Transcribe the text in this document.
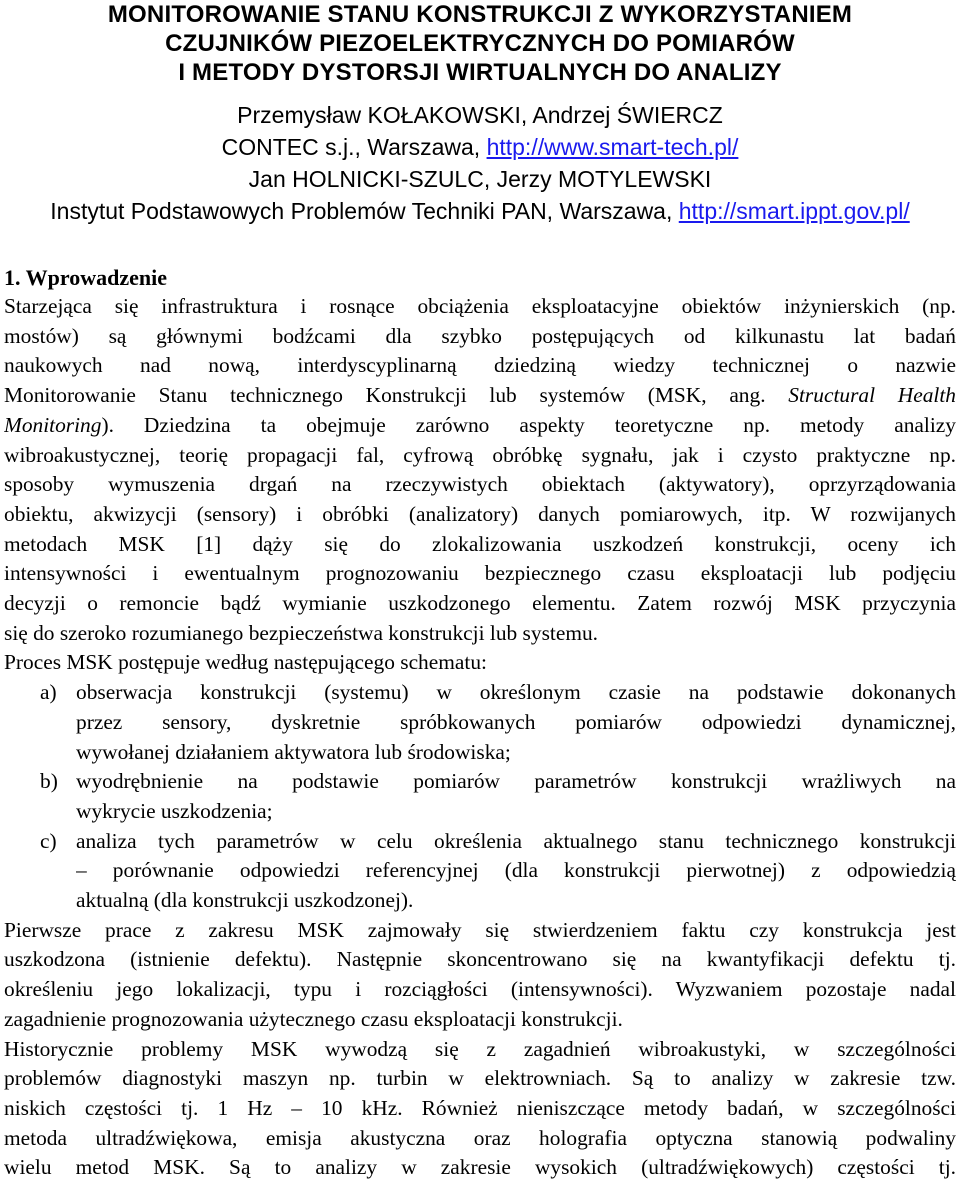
MONITOROWANIE STANU KONSTRUKCJI Z WYKORZYSTANIEM
CZUJNIKÓW PIEZOELEKTRYCZNYCH DO POMIARÓW
I METODY DYSTORSJI WIRTUALNYCH DO ANALIZY
Przemysław KOŁAKOWSKI, Andrzej ŚWIERCZ
CONTEC s.j., Warszawa, http://www.smart-tech.pl/
Jan HOLNICKI-SZULC, Jerzy MOTYLEWSKI
Instytut Podstawowych Problemów Techniki PAN, Warszawa, http://smart.ippt.gov.pl/
1. Wprowadzenie
Starzejąca się infrastruktura i rosnące obciążenia eksploatacyjne obiektów inżynierskich (np.
mostów) są głównymi bodźcami dla szybko postępujących od kilkunastu lat badań
naukowych nad nową, interdyscyplinarną dziedziną wiedzy technicznej o nazwie
Monitorowanie Stanu technicznego Konstrukcji lub systemów (MSK, ang. Structural Health
Monitoring). Dziedzina ta obejmuje zarówno aspekty teoretyczne np. metody analizy
wibroakustycznej, teorię propagacji fal, cyfrową obróbkę sygnału, jak i czysto praktyczne np.
sposoby wymuszenia drgań na rzeczywistych obiektach (aktywatory), oprzyrządowania
obiektu, akwizycji (sensory) i obróbki (analizatory) danych pomiarowych, itp. W rozwijanych
metodach MSK [1] dąży się do zlokalizowania uszkodzeń konstrukcji, oceny ich
intensywności i ewentualnym prognozowaniu bezpiecznego czasu eksploatacji lub podjęciu
decyzji o remoncie bądź wymianie uszkodzonego elementu. Zatem rozwój MSK przyczynia
się do szeroko rozumianego bezpieczeństwa konstrukcji lub systemu.
Proces MSK postępuje według następującego schematu:
a) obserwacja konstrukcji (systemu) w określonym czasie na podstawie dokonanych
przez sensory, dyskretnie spróbkowanych pomiarów odpowiedzi dynamicznej,
wywołanej działaniem aktywatora lub środowiska;
b) wyodrębnienie na podstawie pomiarów parametrów konstrukcji wrażliwych na
wykrycie uszkodzenia;
c) analiza tych parametrów w celu określenia aktualnego stanu technicznego konstrukcji
– porównanie odpowiedzi referencyjnej (dla konstrukcji pierwotnej) z odpowiedzią
aktualną (dla konstrukcji uszkodzonej).
Pierwsze prace z zakresu MSK zajmowały się stwierdzeniem faktu czy konstrukcja jest
uszkodzona (istnienie defektu). Następnie skoncentrowano się na kwantyfikacji defektu tj.
określeniu jego lokalizacji, typu i rozciągłości (intensywności). Wyzwaniem pozostaje nadal
zagadnienie prognozowania użytecznego czasu eksploatacji konstrukcji.
Historycznie problemy MSK wywodzą się z zagadnień wibroakustyki, w szczególności
problemów diagnostyki maszyn np. turbin w elektrowniach. Są to analizy w zakresie tzw.
niskich częstości tj. 1 Hz – 10 kHz. Również nieniszczące metody badań, w szczególności
metoda ultradźwiękowa, emisja akustyczna oraz holografia optyczna stanowią podwaliny
wielu metod MSK. Są to analizy w zakresie wysokich (ultradźwiękowych) częstości tj.
